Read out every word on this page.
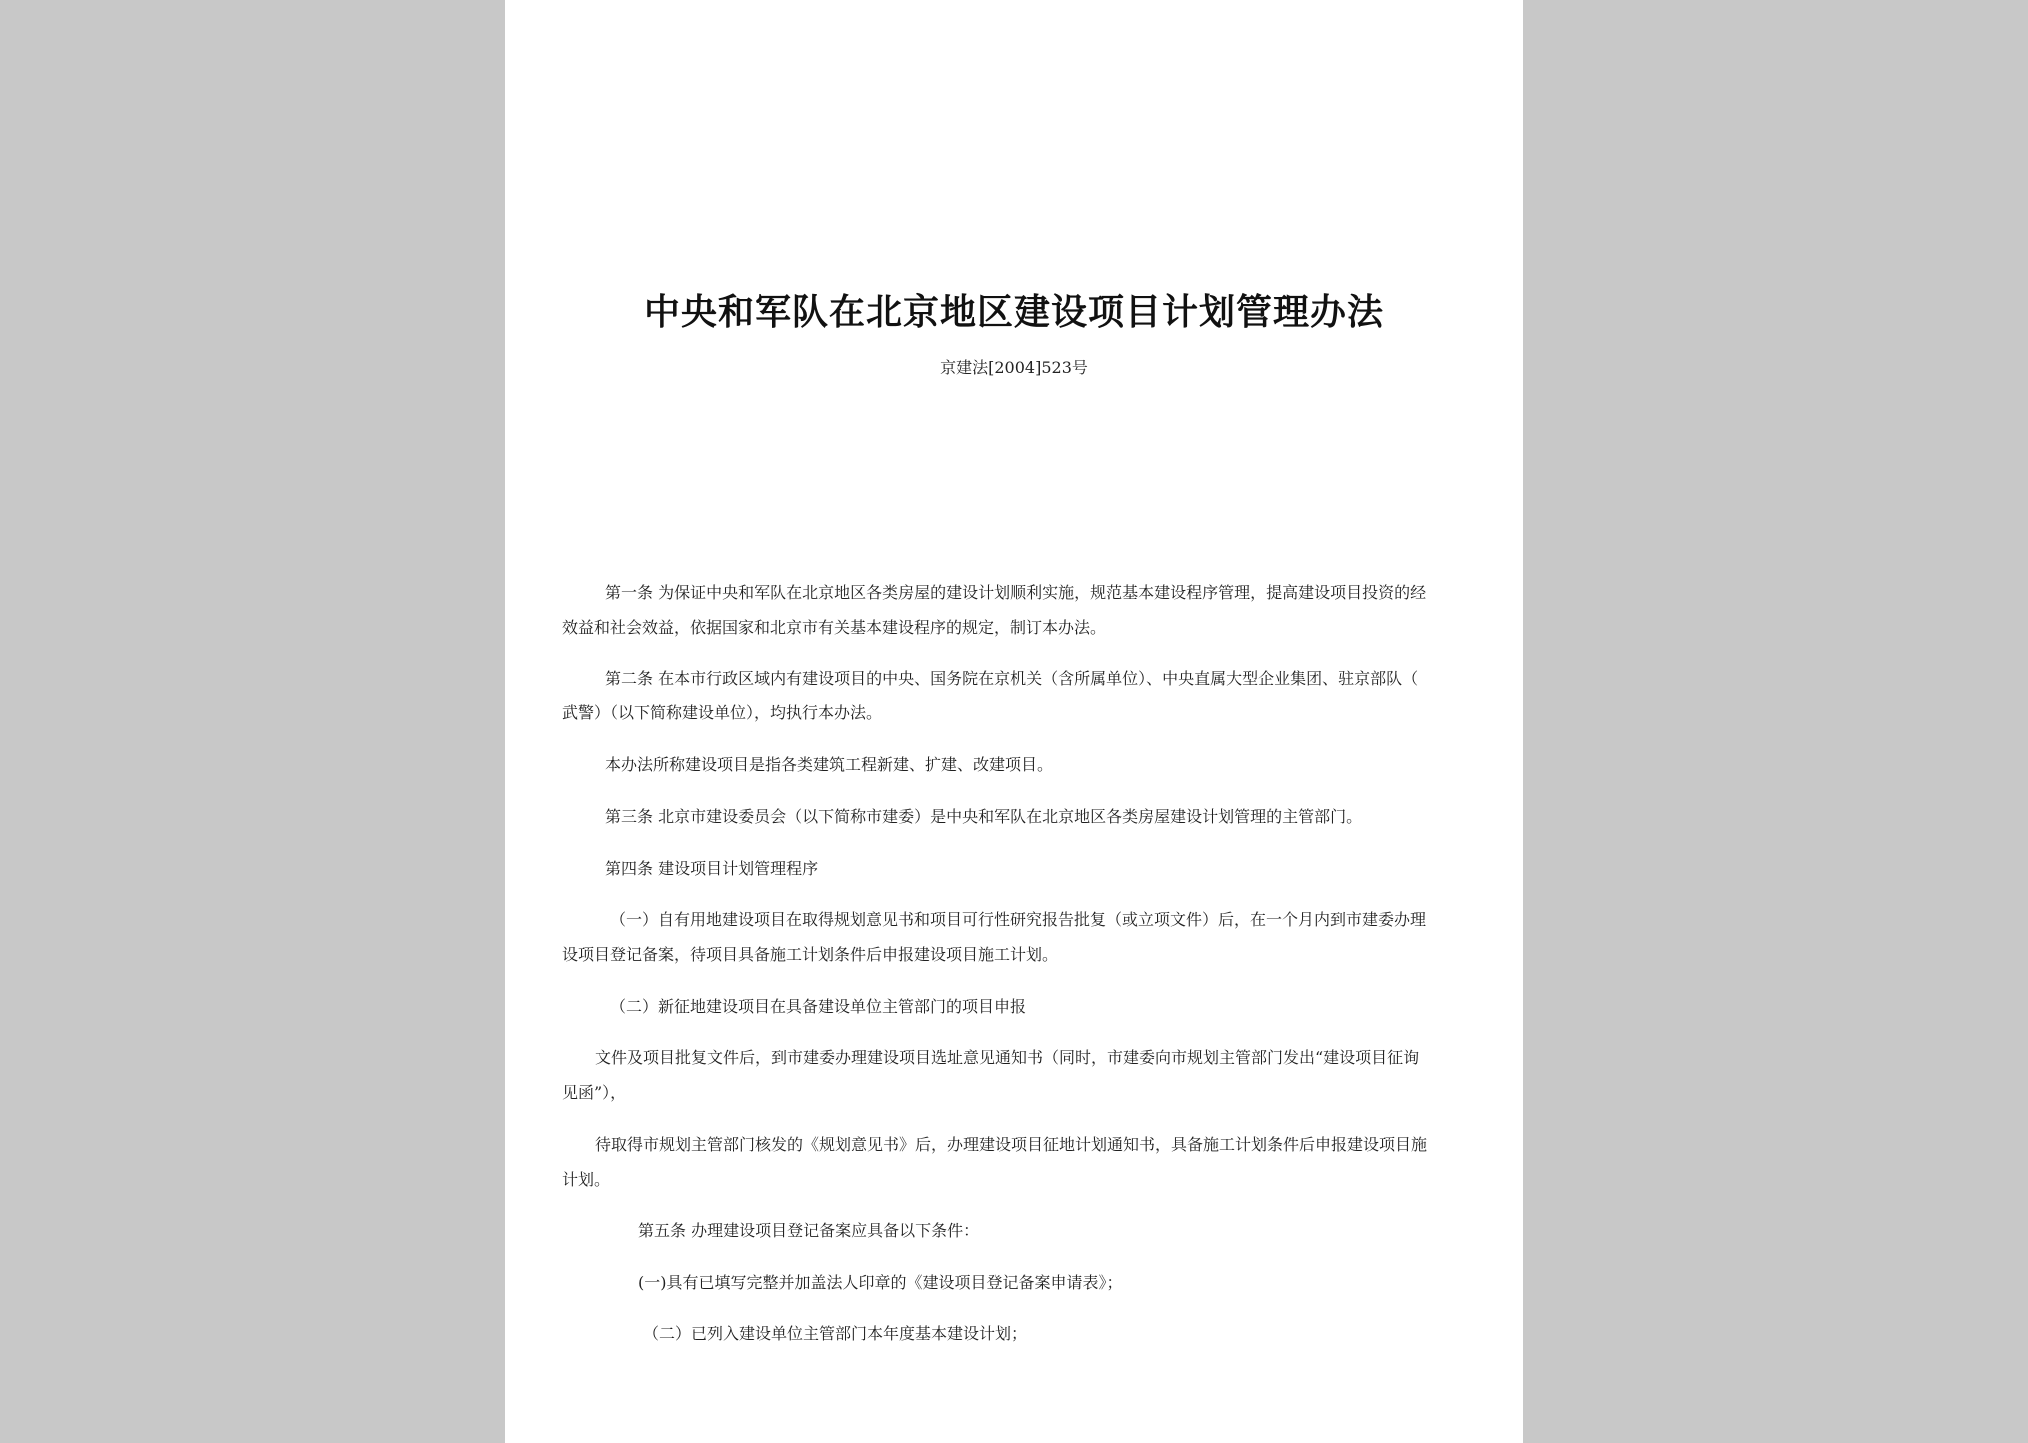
中央和军队在北京地区建设项目计划管理办法
京建法[2004]523号
第一条 为保证中央和军队在北京地区各类房屋的建设计划顺利实施，规范基本建设程序管理，提高建设项目投资的经
效益和社会效益，依据国家和北京市有关基本建设程序的规定，制订本办法。
第二条 在本市行政区域内有建设项目的中央、国务院在京机关（含所属单位）、中央直属大型企业集团、驻京部队（
武警）（以下简称建设单位），均执行本办法。
本办法所称建设项目是指各类建筑工程新建、扩建、改建项目。
第三条 北京市建设委员会（以下简称市建委）是中央和军队在北京地区各类房屋建设计划管理的主管部门。
第四条 建设项目计划管理程序
（一）自有用地建设项目在取得规划意见书和项目可行性研究报告批复（或立项文件）后，在一个月内到市建委办理
设项目登记备案，待项目具备施工计划条件后申报建设项目施工计划。
（二）新征地建设项目在具备建设单位主管部门的项目申报
文件及项目批复文件后，到市建委办理建设项目选址意见通知书（同时，市建委向市规划主管部门发出“建设项目征询
见函”），
待取得市规划主管部门核发的《规划意见书》后，办理建设项目征地计划通知书，具备施工计划条件后申报建设项目施
计划。
第五条 办理建设项目登记备案应具备以下条件：
(一)具有已填写完整并加盖法人印章的《建设项目登记备案申请表》；
（二）已列入建设单位主管部门本年度基本建设计划；
